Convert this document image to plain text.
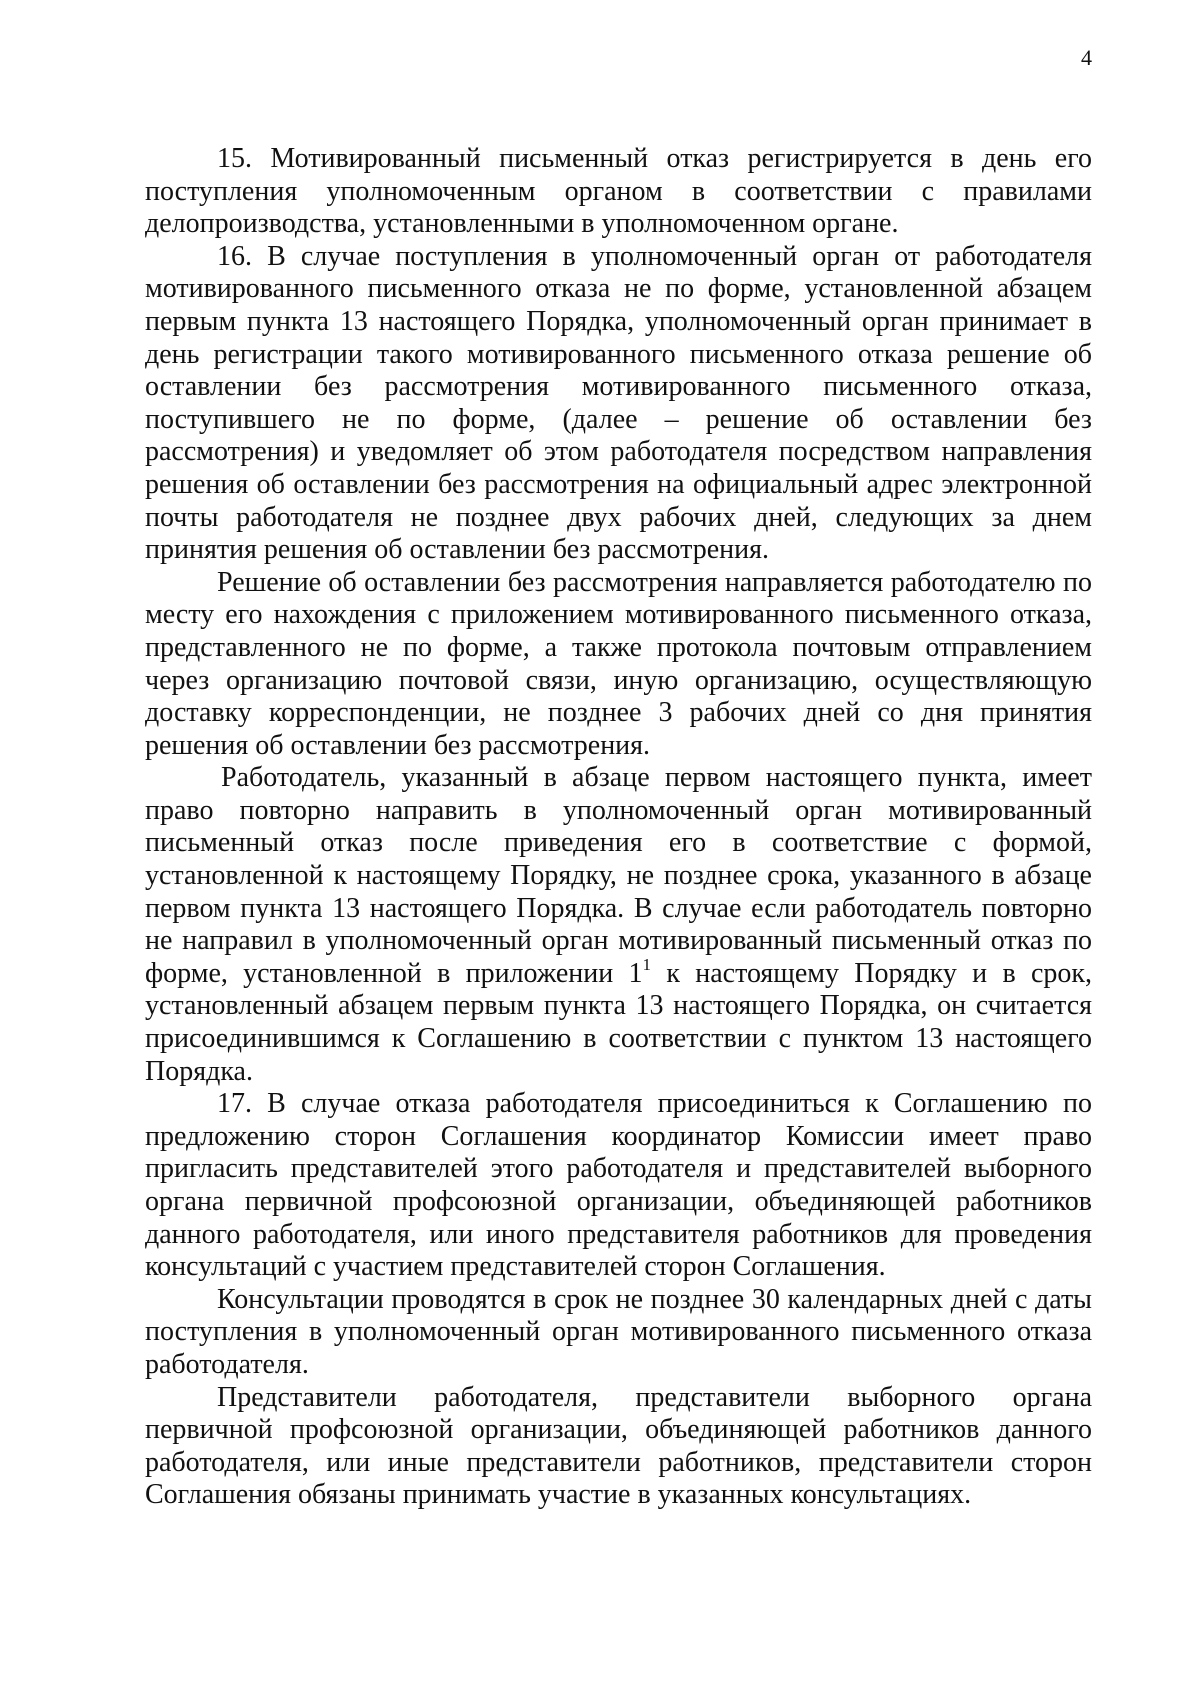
4

15. Мотивированный письменный отказ регистрируется в день его поступления уполномоченным органом в соответствии с правилами делопроизводства, установленными в уполномоченном органе.

16. В случае поступления в уполномоченный орган от работодателя мотивированного письменного отказа не по форме, установленной абзацем первым пункта 13 настоящего Порядка, уполномоченный орган принимает в день регистрации такого мотивированного письменного отказа решение об оставлении без рассмотрения мотивированного письменного отказа, поступившего не по форме, (далее – решение об оставлении без рассмотрения) и уведомляет об этом работодателя посредством направления решения об оставлении без рассмотрения на официальный адрес электронной почты работодателя не позднее двух рабочих дней, следующих за днем принятия решения об оставлении без рассмотрения.

Решение об оставлении без рассмотрения направляется работодателю по месту его нахождения с приложением мотивированного письменного отказа, представленного не по форме, а также протокола почтовым отправлением через организацию почтовой связи, иную организацию, осуществляющую доставку корреспонденции, не позднее 3 рабочих дней со дня принятия решения об оставлении без рассмотрения.

Работодатель, указанный в абзаце первом настоящего пункта, имеет право повторно направить в уполномоченный орган мотивированный письменный отказ после приведения его в соответствие с формой, установленной к настоящему Порядку, не позднее срока, указанного в абзаце первом пункта 13 настоящего Порядка. В случае если работодатель повторно не направил в уполномоченный орган мотивированный письменный отказ по форме, установленной в приложении $1^1$ к настоящему Порядку и в срок, установленный абзацем первым пункта 13 настоящего Порядка, он считается присоединившимся к Соглашению в соответствии с пунктом 13 настоящего Порядка.

17. В случае отказа работодателя присоединиться к Соглашению по предложению сторон Соглашения координатор Комиссии имеет право пригласить представителей этого работодателя и представителей выборного органа первичной профсоюзной организации, объединяющей работников данного работодателя, или иного представителя работников для проведения консультаций с участием представителей сторон Соглашения.

Консультации проводятся в срок не позднее 30 календарных дней с даты поступления в уполномоченный орган мотивированного письменного отказа работодателя.

Представители работодателя, представители выборного органа первичной профсоюзной организации, объединяющей работников данного работодателя, или иные представители работников, представители сторон Соглашения обязаны принимать участие в указанных консультациях.
